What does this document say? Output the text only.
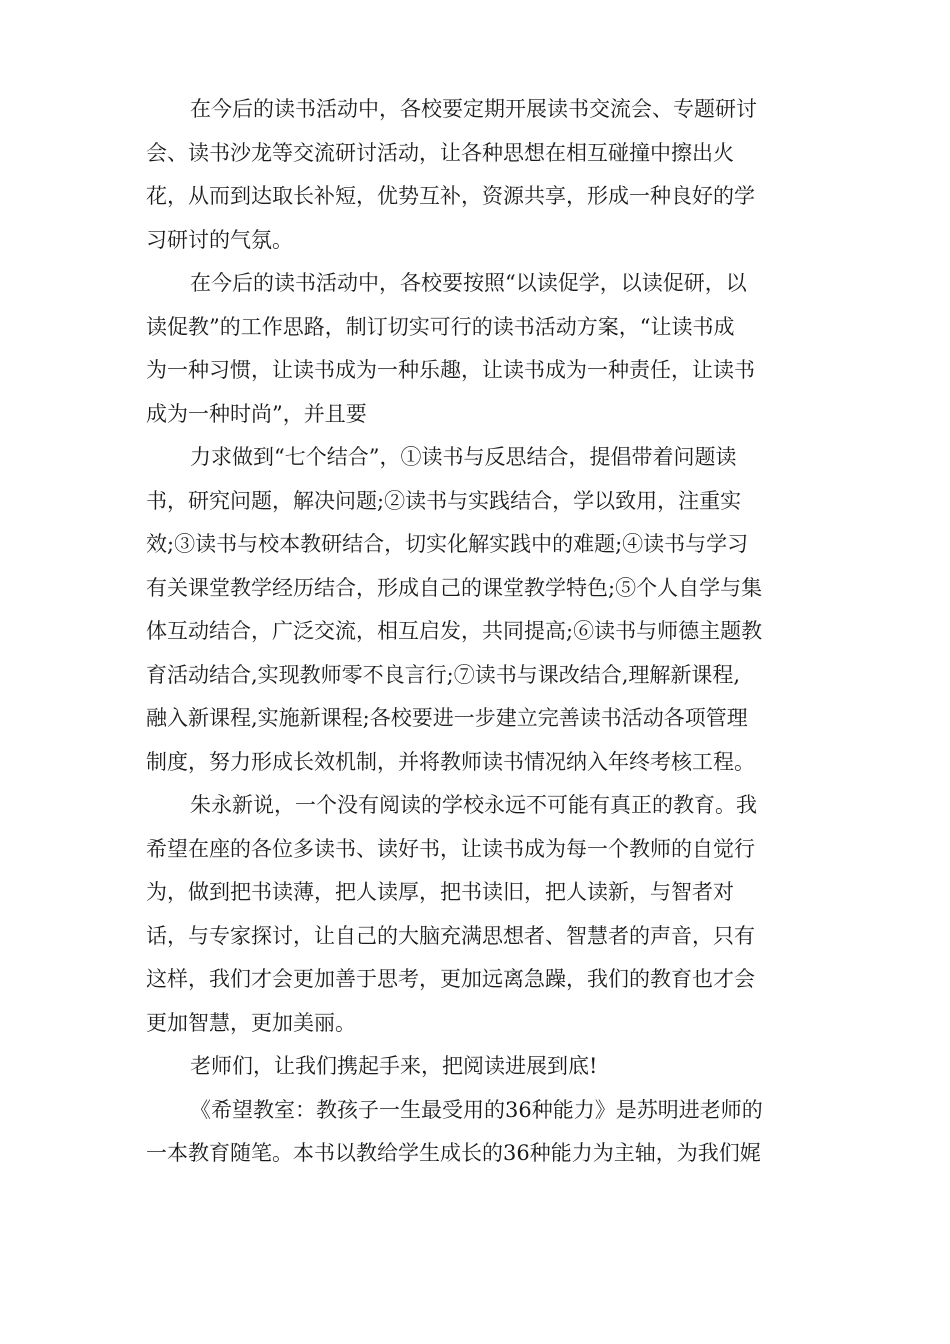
在今后的读书活动中，各校要定期开展读书交流会、专题研讨
会、读书沙龙等交流研讨活动，让各种思想在相互碰撞中擦出火
花，从而到达取长补短，优势互补，资源共享，形成一种良好的学
习研讨的气氛。

在今后的读书活动中，各校要按照“以读促学，以读促研，以
读促教”的工作思路，制订切实可行的读书活动方案，“让读书成
为一种习惯，让读书成为一种乐趣，让读书成为一种责任，让读书
成为一种时尚”，并且要

力求做到“七个结合”，①读书与反思结合，提倡带着问题读
书，研究问题，解决问题;②读书与实践结合，学以致用，注重实
效;③读书与校本教研结合，切实化解实践中的难题;④读书与学习
有关课堂教学经历结合，形成自己的课堂教学特色;⑤个人自学与集
体互动结合，广泛交流，相互启发，共同提高;⑥读书与师德主题教
育活动结合,实现教师零不良言行;⑦读书与课改结合,理解新课程,
融入新课程,实施新课程;各校要进一步建立完善读书活动各项管理
制度，努力形成长效机制，并将教师读书情况纳入年终考核工程。

朱永新说，一个没有阅读的学校永远不可能有真正的教育。我
希望在座的各位多读书、读好书，让读书成为每一个教师的自觉行
为，做到把书读薄，把人读厚，把书读旧，把人读新，与智者对
话，与专家探讨，让自己的大脑充满思想者、智慧者的声音，只有
这样，我们才会更加善于思考，更加远离急躁，我们的教育也才会
更加智慧，更加美丽。

老师们，让我们携起手来，把阅读进展到底!

《希望教室：教孩子一生最受用的36种能力》是苏明进老师的
一本教育随笔。本书以教给学生成长的36种能力为主轴，为我们娓
